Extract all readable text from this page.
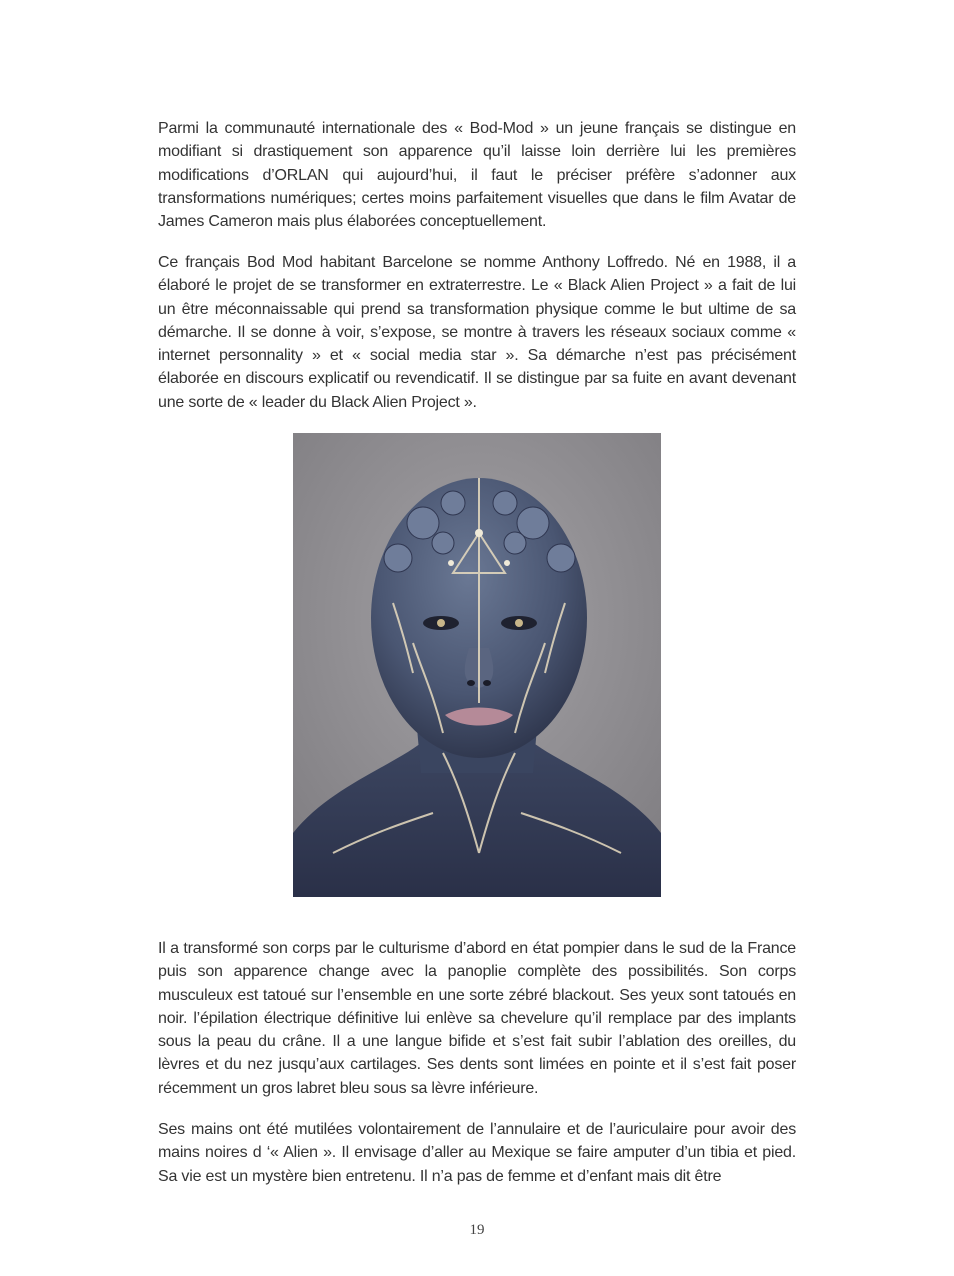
Parmi la communauté internationale des « Bod-Mod » un jeune français se distingue en modifiant si drastiquement son apparence qu’il laisse loin derrière lui les premières modifications d’ORLAN qui aujourd’hui, il faut le préciser préfère s’adonner aux transformations numériques; certes moins parfaitement visuelles que dans le film Avatar de James Cameron mais plus élaborées conceptuellement.

Ce français Bod Mod habitant Barcelone se nomme Anthony Loffredo. Né en 1988, il a élaboré le projet de se transformer en extraterrestre. Le « Black Alien Project » a fait de lui un être méconnaissable qui prend sa transformation physique comme le but ultime de sa démarche. Il se donne à voir, s’expose, se montre à travers les réseaux sociaux comme « internet personnality » et « social media star ». Sa démarche n’est pas précisément élaborée en discours explicatif ou revendicatif. Il se distingue par sa fuite en avant devenant une sorte de « leader du Black Alien Project ».

Il a transformé son corps par le culturisme d’abord en état pompier dans le sud de la France puis son apparence change avec la panoplie complète des possibilités. Son corps musculeux est tatoué sur l’ensemble en une sorte zébré blackout. Ses yeux sont tatoués en noir. l’épilation électrique définitive lui enlève sa chevelure qu’il remplace par des implants sous la peau du crâne. Il a une langue bifide et s’est fait subir l’ablation des oreilles, du lèvres et du nez jusqu’aux cartilages. Ses dents sont limées en pointe et il s’est fait poser récemment un gros labret bleu sous sa lèvre inférieure.

Ses mains ont été mutilées volontairement de l’annulaire et de l’auriculaire pour avoir des mains noires d ‘« Alien ». Il envisage d’aller au Mexique se faire amputer d’un tibia et pied. Sa vie est un mystère bien entretenu. Il n’a pas de femme et d’enfant mais dit être

19
